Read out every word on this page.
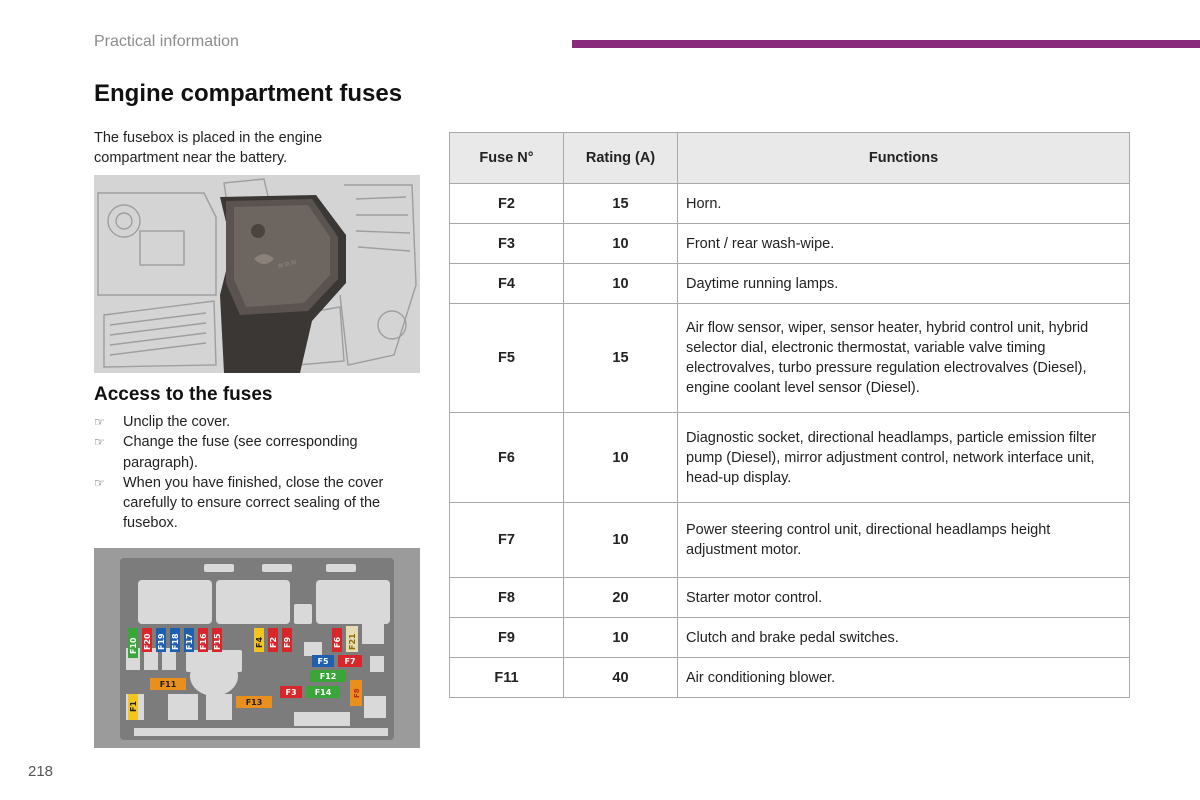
Practical information
Engine compartment fuses

The fusebox is placed in the engine compartment near the battery.

≋≋≋
Access to the fuses
☞ Unclip the cover.
☞ Change the fuse (see corresponding paragraph).
☞ When you have finished, close the cover carefully to ensure correct sealing of the fusebox.
F10 F20 F19 F18 F17 F16 F15	F4 F2 F9	F6 F21
F5 F7
F12
F11
F3 F14
F1	F13
F8
Fuse N°	Rating (A)	Functions
F2	15	Horn.
F3	10	Front / rear wash-wipe.
F4	10	Daytime running lamps.
F5	15	Air flow sensor, wiper, sensor heater, hybrid control unit, hybrid selector dial, electronic thermostat, variable valve timing electrovalves, turbo pressure regulation electrovalves (Diesel), engine coolant level sensor (Diesel).
F6	10	Diagnostic socket, directional headlamps, particle emission filter pump (Diesel), mirror adjustment control, network interface unit, head-up display.
F7	10	Power steering control unit, directional headlamps height adjustment motor.
F8	20	Starter motor control.
F9	10	Clutch and brake pedal switches.
F11	40	Air conditioning blower.
218
